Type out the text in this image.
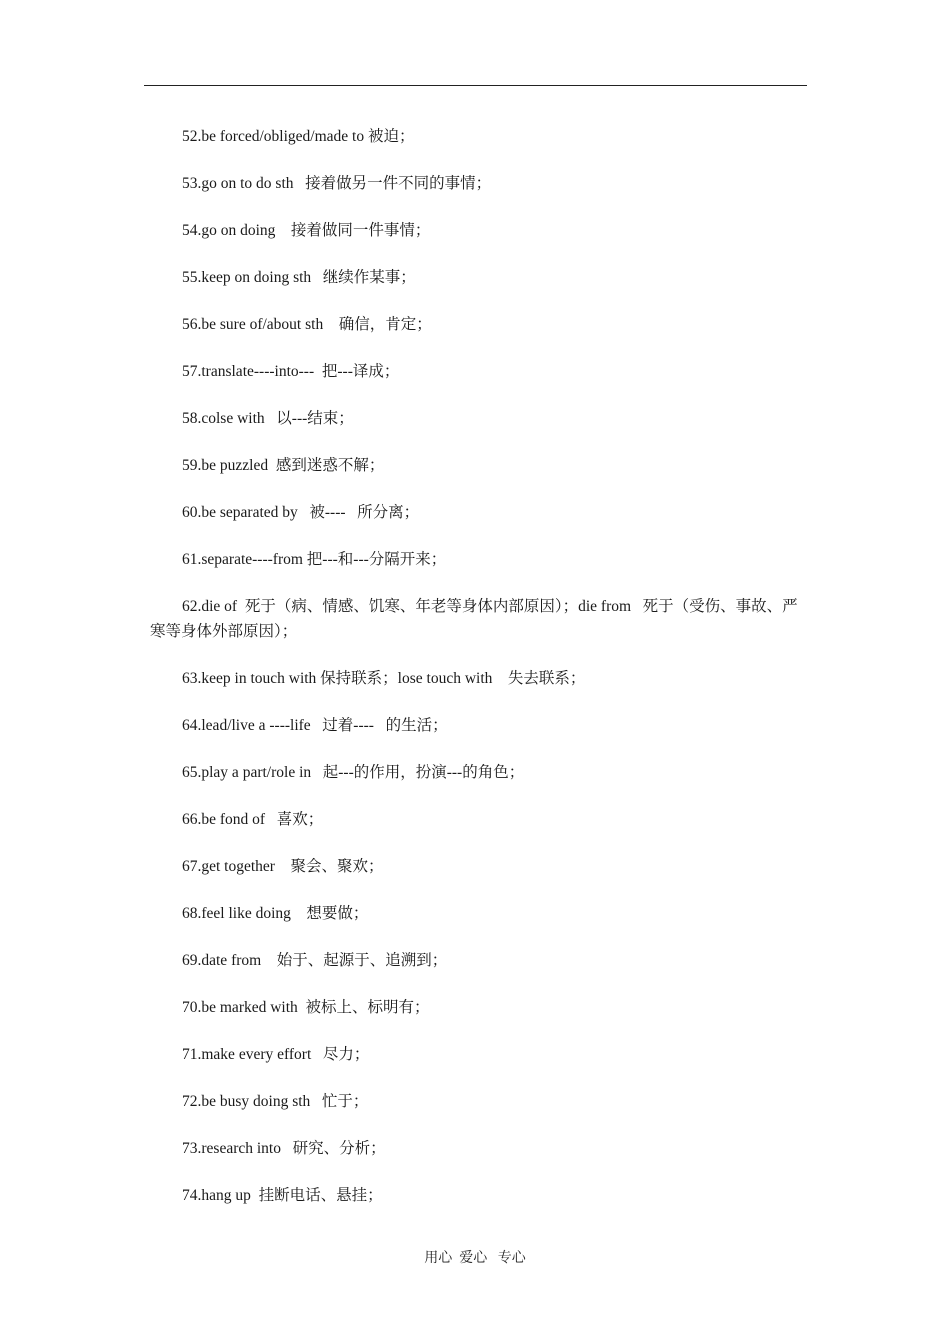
52.be forced/obliged/made to 被迫；
53.go on to do sth   接着做另一件不同的事情；
54.go on doing    接着做同一件事情；
55.keep on doing sth   继续作某事；
56.be sure of/about sth    确信，肯定；
57.translate----into---  把---译成；
58.colse with   以---结束；
59.be puzzled  感到迷惑不解；
60.be separated by   被----   所分离；
61.separate----from 把---和---分隔开来；
62.die of  死于（病、情感、饥寒、年老等身体内部原因）；die from   死于（受伤、事故、严寒等身体外部原因）；
63.keep in touch with 保持联系；lose touch with    失去联系；
64.lead/live a ----life   过着----   的生活；
65.play a part/role in   起---的作用，扮演---的角色；
66.be fond of   喜欢；
67.get together    聚会、聚欢；
68.feel like doing    想要做；
69.date from    始于、起源于、追溯到；
70.be marked with  被标上、标明有；
71.make every effort   尽力；
72.be busy doing sth   忙于；
73.research into   研究、分析；
74.hang up  挂断电话、悬挂；
用心  爱心   专心
